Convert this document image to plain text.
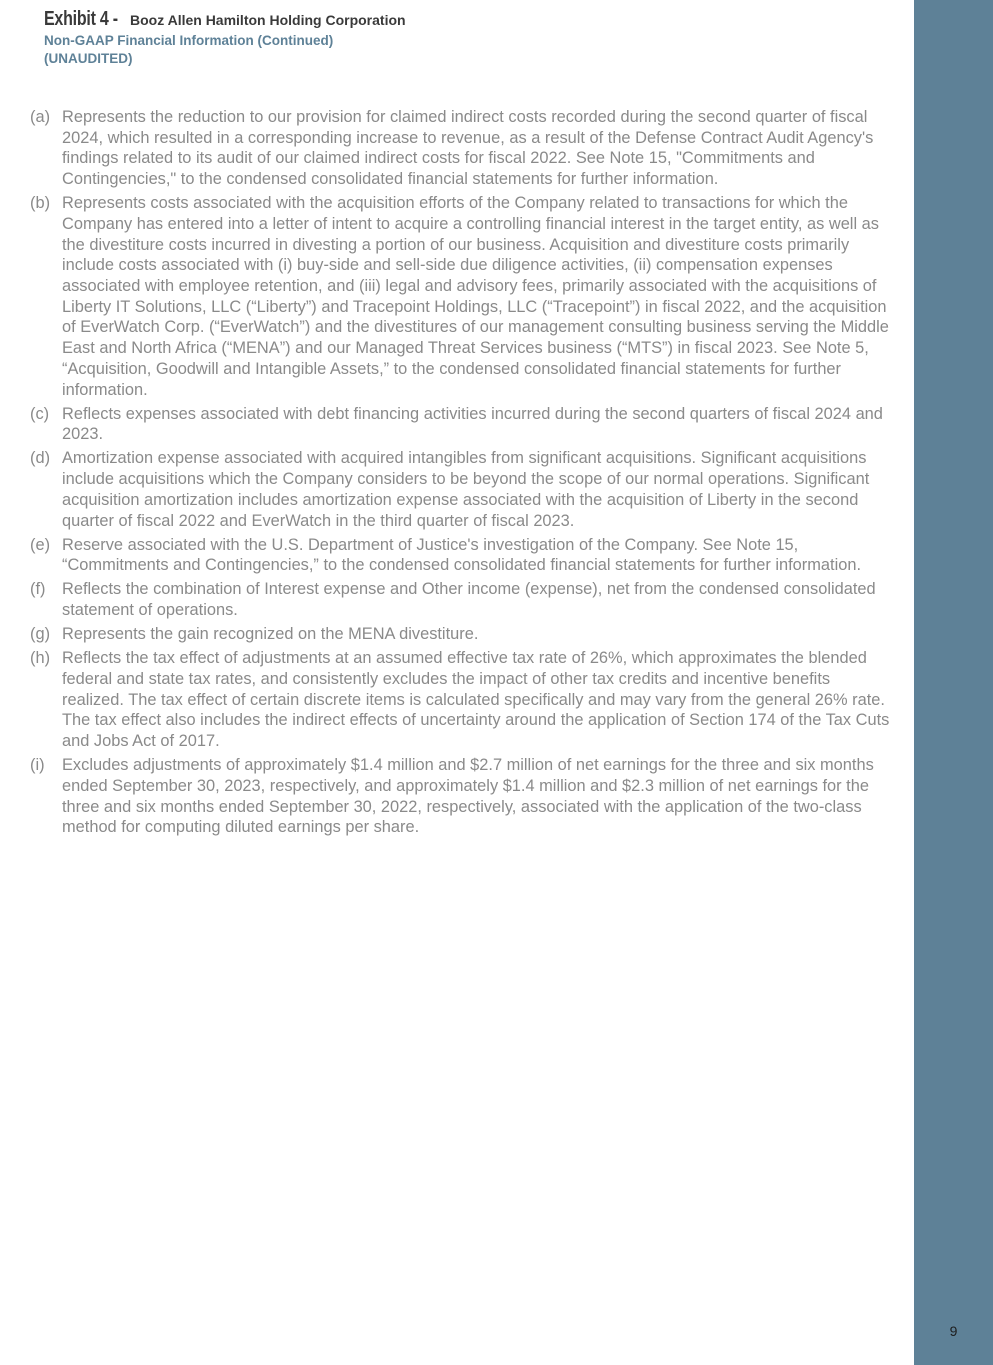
Exhibit 4 - Booz Allen Hamilton Holding Corporation
Non-GAAP Financial Information (Continued)
(UNAUDITED)
(a) Represents the reduction to our provision for claimed indirect costs recorded during the second quarter of fiscal 2024, which resulted in a corresponding increase to revenue, as a result of the Defense Contract Audit Agency's findings related to its audit of our claimed indirect costs for fiscal 2022. See Note 15, "Commitments and Contingencies," to the condensed consolidated financial statements for further information.
(b) Represents costs associated with the acquisition efforts of the Company related to transactions for which the Company has entered into a letter of intent to acquire a controlling financial interest in the target entity, as well as the divestiture costs incurred in divesting a portion of our business. Acquisition and divestiture costs primarily include costs associated with (i) buy-side and sell-side due diligence activities, (ii) compensation expenses associated with employee retention, and (iii) legal and advisory fees, primarily associated with the acquisitions of Liberty IT Solutions, LLC (“Liberty”) and Tracepoint Holdings, LLC (“Tracepoint”) in fiscal 2022, and the acquisition of EverWatch Corp. (“EverWatch”) and the divestitures of our management consulting business serving the Middle East and North Africa (“MENA”) and our Managed Threat Services business (“MTS”) in fiscal 2023. See Note 5, “Acquisition, Goodwill and Intangible Assets,” to the condensed consolidated financial statements for further information.
(c) Reflects expenses associated with debt financing activities incurred during the second quarters of fiscal 2024 and 2023.
(d) Amortization expense associated with acquired intangibles from significant acquisitions. Significant acquisitions include acquisitions which the Company considers to be beyond the scope of our normal operations. Significant acquisition amortization includes amortization expense associated with the acquisition of Liberty in the second quarter of fiscal 2022 and EverWatch in the third quarter of fiscal 2023.
(e) Reserve associated with the U.S. Department of Justice's investigation of the Company. See Note 15, “Commitments and Contingencies,” to the condensed consolidated financial statements for further information.
(f)	Reflects the combination of Interest expense and Other income (expense), net from the condensed consolidated statement of operations.
(g) Represents the gain recognized on the MENA divestiture.
(h) Reflects the tax effect of adjustments at an assumed effective tax rate of 26%, which approximates the blended federal and state tax rates, and consistently excludes the impact of other tax credits and incentive benefits realized. The tax effect of certain discrete items is calculated specifically and may vary from the general 26% rate. The tax effect also includes the indirect effects of uncertainty around the application of Section 174 of the Tax Cuts and Jobs Act of 2017.
(i)	Excludes adjustments of approximately $1.4 million and $2.7 million of net earnings for the three and six months ended September 30, 2023, respectively, and approximately $1.4 million and $2.3 million of net earnings for the three and six months ended September 30, 2022, respectively, associated with the application of the two-class method for computing diluted earnings per share.
9
